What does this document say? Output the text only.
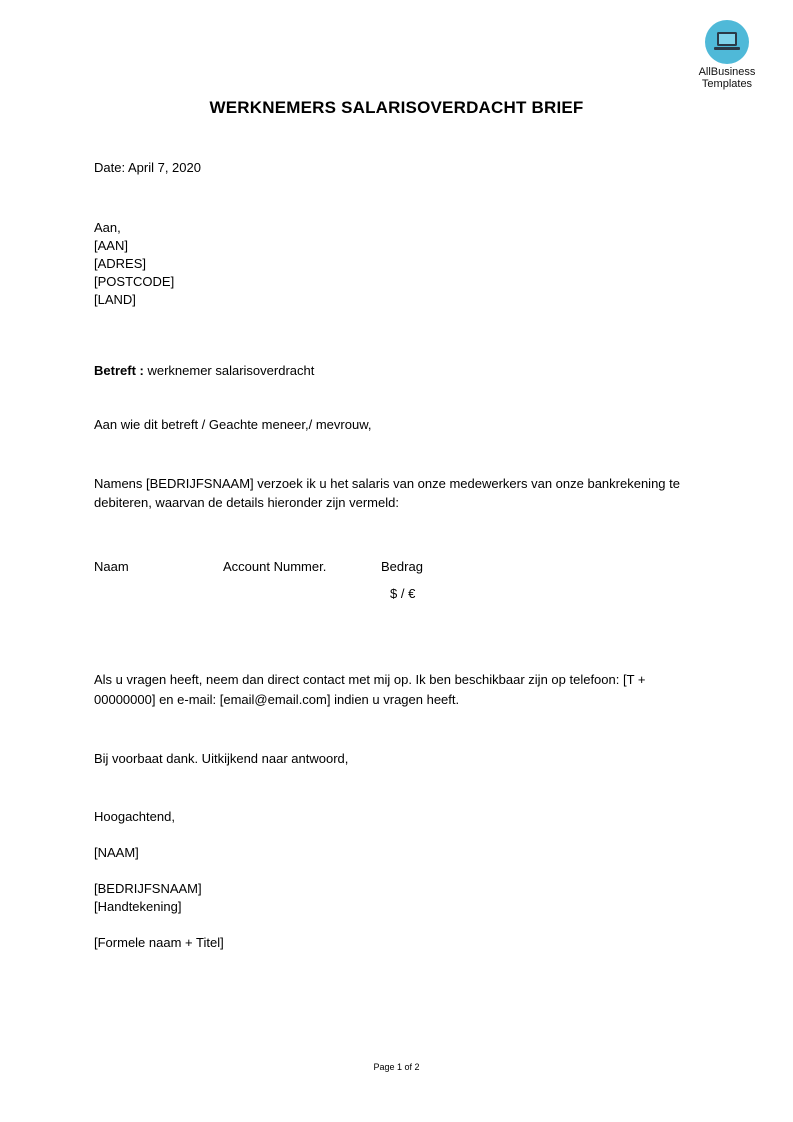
AllBusiness
Templates
WERKNEMERS SALARISOVERDACHT BRIEF
Date: April 7, 2020
Aan,
[AAN]
[ADRES]
[POSTCODE]
[LAND]
Betreft : werknemer salarisoverdracht
Aan wie dit betreft / Geachte meneer,/ mevrouw,
Namens [BEDRIJFSNAAM] verzoek ik u het salaris van onze medewerkers van onze bankrekening te
debiteren, waarvan de details hieronder zijn vermeld:
Naam	Account Nummer.	Bedrag
$ / €
Als u vragen heeft, neem dan direct contact met mij op. Ik ben beschikbaar zijn op telefoon: [T +
00000000] en e-mail: [email@email.com] indien u vragen heeft.
Bij voorbaat dank. Uitkijkend naar antwoord,
Hoogachtend,
[NAAM]
[BEDRIJFSNAAM]
[Handtekening]
[Formele naam + Titel]
Page 1 of 2
